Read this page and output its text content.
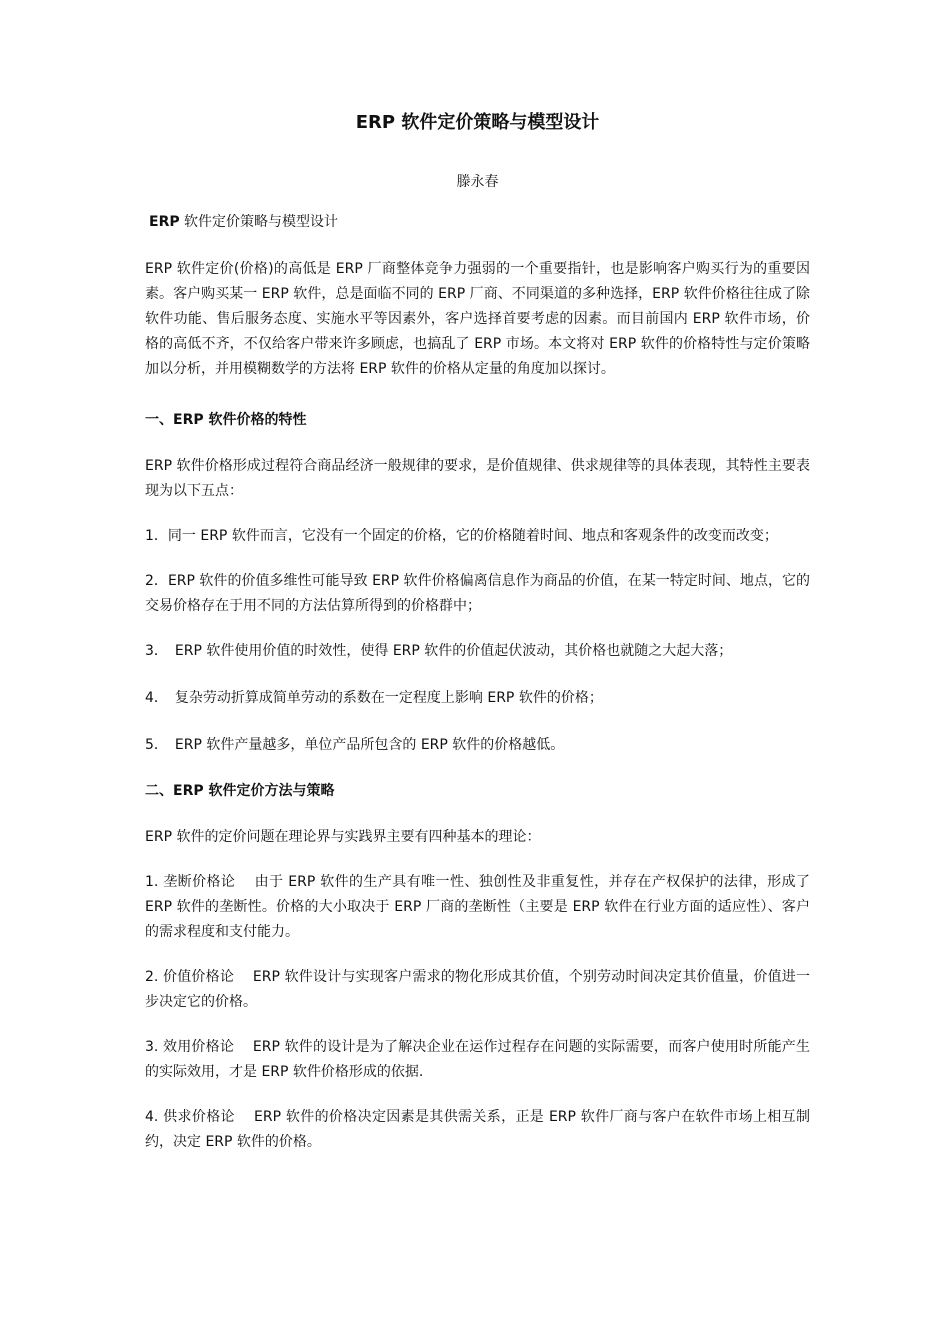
ERP 软件定价策略与模型设计
滕永春
ERP 软件定价策略与模型设计

ERP 软件定价(价格)的高低是 ERP 厂商整体竞争力强弱的一个重要指针，也是影响客户购买行为的重要因素。客户购买某一 ERP 软件，总是面临不同的 ERP 厂商、不同渠道的多种选择，ERP 软件价格往往成了除软件功能、售后服务态度、实施水平等因素外，客户选择首要考虑的因素。而目前国内 ERP 软件市场，价格的高低不齐，不仅给客户带来许多顾虑，也搞乱了 ERP 市场。本文将对 ERP 软件的价格特性与定价策略加以分析，并用模糊数学的方法将 ERP 软件的价格从定量的角度加以探讨。

一、ERP 软件价格的特性

ERP 软件价格形成过程符合商品经济一般规律的要求，是价值规律、供求规律等的具体表现，其特性主要表现为以下五点：

1．同一 ERP 软件而言，它没有一个固定的价格，它的价格随着时间、地点和客观条件的改变而改变；

2．ERP 软件的价值多维性可能导致 ERP 软件价格偏离信息作为商品的价值，在某一特定时间、地点，它的交易价格存在于用不同的方法估算所得到的价格群中；

3．　ERP 软件使用价值的时效性，使得 ERP 软件的价值起伏波动，其价格也就随之大起大落；

4．　复杂劳动折算成简单劳动的系数在一定程度上影响 ERP 软件的价格；

5．　ERP 软件产量越多，单位产品所包含的 ERP 软件的价格越低。

二、ERP 软件定价方法与策略

ERP 软件的定价问题在理论界与实践界主要有四种基本的理论：

1. 垄断价格论　 由于 ERP 软件的生产具有唯一性、独创性及非重复性，并存在产权保护的法律，形成了 ERP 软件的垄断性。价格的大小取决于 ERP 厂商的垄断性（主要是 ERP 软件在行业方面的适应性）、客户的需求程度和支付能力。

2. 价值价格论　 ERP 软件设计与实现客户需求的物化形成其价值，个别劳动时间决定其价值量，价值进一步决定它的价格。

3. 效用价格论　 ERP 软件的设计是为了解决企业在运作过程存在问题的实际需要，而客户使用时所能产生的实际效用，才是 ERP 软件价格形成的依据.

4. 供求价格论　 ERP 软件的价格决定因素是其供需关系，正是 ERP 软件厂商与客户在软件市场上相互制约，决定 ERP 软件的价格。
